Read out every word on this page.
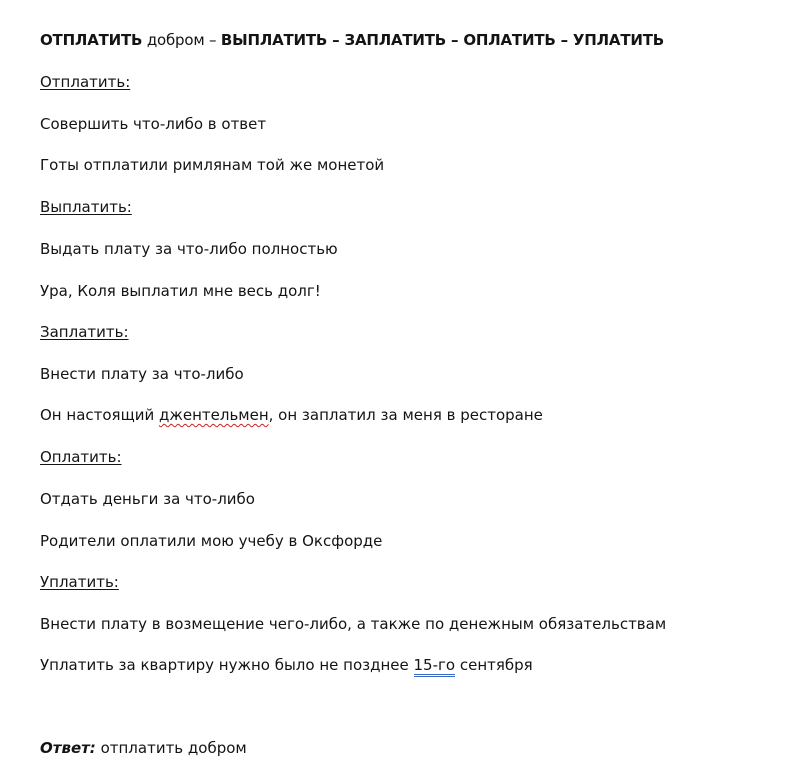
ОТПЛАТИТЬ добром – ВЫПЛАТИТЬ – ЗАПЛАТИТЬ – ОПЛАТИТЬ – УПЛАТИТЬ
Отплатить:
Совершить что-либо в ответ
Готы отплатили римлянам той же монетой
Выплатить:
Выдать плату за что-либо полностью
Ура, Коля выплатил мне весь долг!
Заплатить:
Внести плату за что-либо
Он настоящий джентельмен, он заплатил за меня в ресторане
Оплатить:
Отдать деньги за что-либо
Родители оплатили мою учебу в Оксфорде
Уплатить:
Внести плату в возмещение чего-либо, а также по денежным обязательствам
Уплатить за квартиру нужно было не позднее 15-го сентября
Ответ: отплатить добром
